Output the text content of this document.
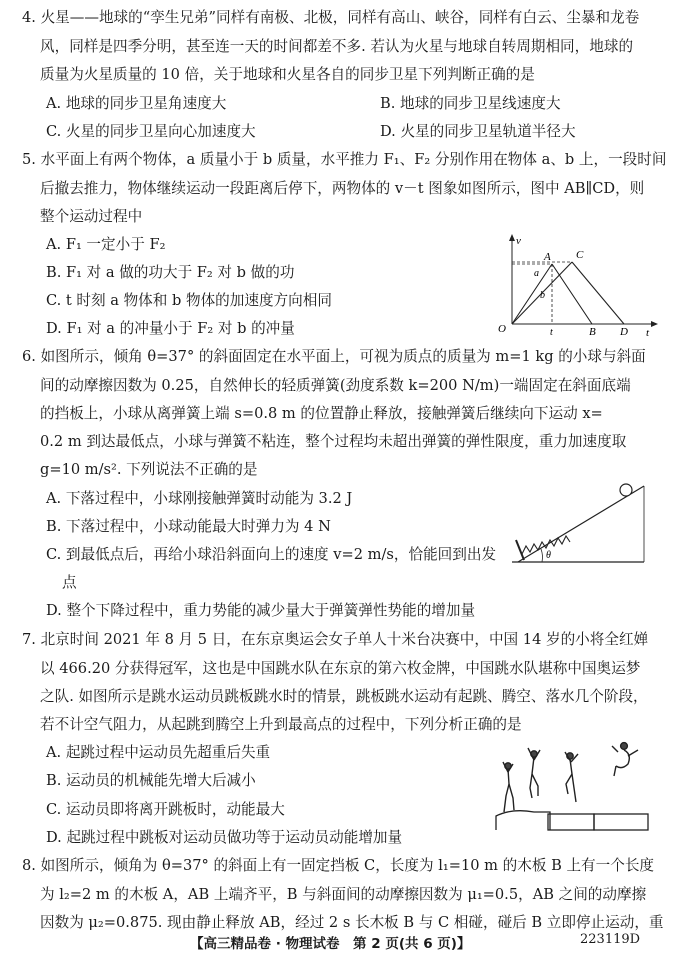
4. 火星——地球的“孪生兄弟”同样有南极、北极，同样有高山、峡谷，同样有白云、尘暴和龙卷
风，同样是四季分明，甚至连一天的时间都差不多. 若认为火星与地球自转周期相同，地球的
质量为火星质量的 10 倍，关于地球和火星各自的同步卫星下列判断正确的是
A. 地球的同步卫星角速度大	B. 地球的同步卫星线速度大
C. 火星的同步卫星向心加速度大	D. 火星的同步卫星轨道半径大
5. 水平面上有两个物体，a 质量小于 b 质量，水平推力 F₁、F₂ 分别作用在物体 a、b 上，一段时间
后撤去推力，物体继续运动一段距离后停下，两物体的 v－t 图象如图所示，图中 AB∥CD，则
整个运动过程中
A. F₁ 一定小于 F₂
B. F₁ 对 a 做的功大于 F₂ 对 b 做的功
C. t 时刻 a 物体和 b 物体的加速度方向相同
D. F₁ 对 a 的冲量小于 F₂ 对 b 的冲量
v
t
O
A C
B D
t
a
b
6. 如图所示，倾角 θ=37° 的斜面固定在水平面上，可视为质点的质量为 m=1 kg 的小球与斜面
间的动摩擦因数为 0.25，自然伸长的轻质弹簧(劲度系数 k=200 N/m)一端固定在斜面底端
的挡板上，小球从离弹簧上端 s=0.8 m 的位置静止释放，接触弹簧后继续向下运动 x=
0.2 m 到达最低点，小球与弹簧不粘连，整个过程均未超出弹簧的弹性限度，重力加速度取
g=10 m/s². 下列说法不正确的是
A. 下落过程中，小球刚接触弹簧时动能为 3.2 J
B. 下落过程中，小球动能最大时弹力为 4 N
C. 到最低点后，再给小球沿斜面向上的速度 v=2 m/s，恰能回到出发
点
D. 整个下降过程中，重力势能的减少量大于弹簧弹性势能的增加量
θ
7. 北京时间 2021 年 8 月 5 日，在东京奥运会女子单人十米台决赛中，中国 14 岁的小将全红婵
以 466.20 分获得冠军，这也是中国跳水队在东京的第六枚金牌，中国跳水队堪称中国奥运梦
之队. 如图所示是跳水运动员跳板跳水时的情景，跳板跳水运动有起跳、腾空、落水几个阶段，
若不计空气阻力，从起跳到腾空上升到最高点的过程中，下列分析正确的是
A. 起跳过程中运动员先超重后失重
B. 运动员的机械能先增大后减小
C. 运动员即将离开跳板时，动能最大
D. 起跳过程中跳板对运动员做功等于运动员动能增加量
8. 如图所示，倾角为 θ=37° 的斜面上有一固定挡板 C，长度为 l₁=10 m 的木板 B 上有一个长度
为 l₂=2 m 的木板 A，AB 上端齐平，B 与斜面间的动摩擦因数为 μ₁=0.5，AB 之间的动摩擦
因数为 μ₂=0.875. 现由静止释放 AB，经过 2 s 长木板 B 与 C 相碰，碰后 B 立即停止运动，重
【高三精品卷 · 物理试卷　第 2 页(共 6 页)】	223119D
